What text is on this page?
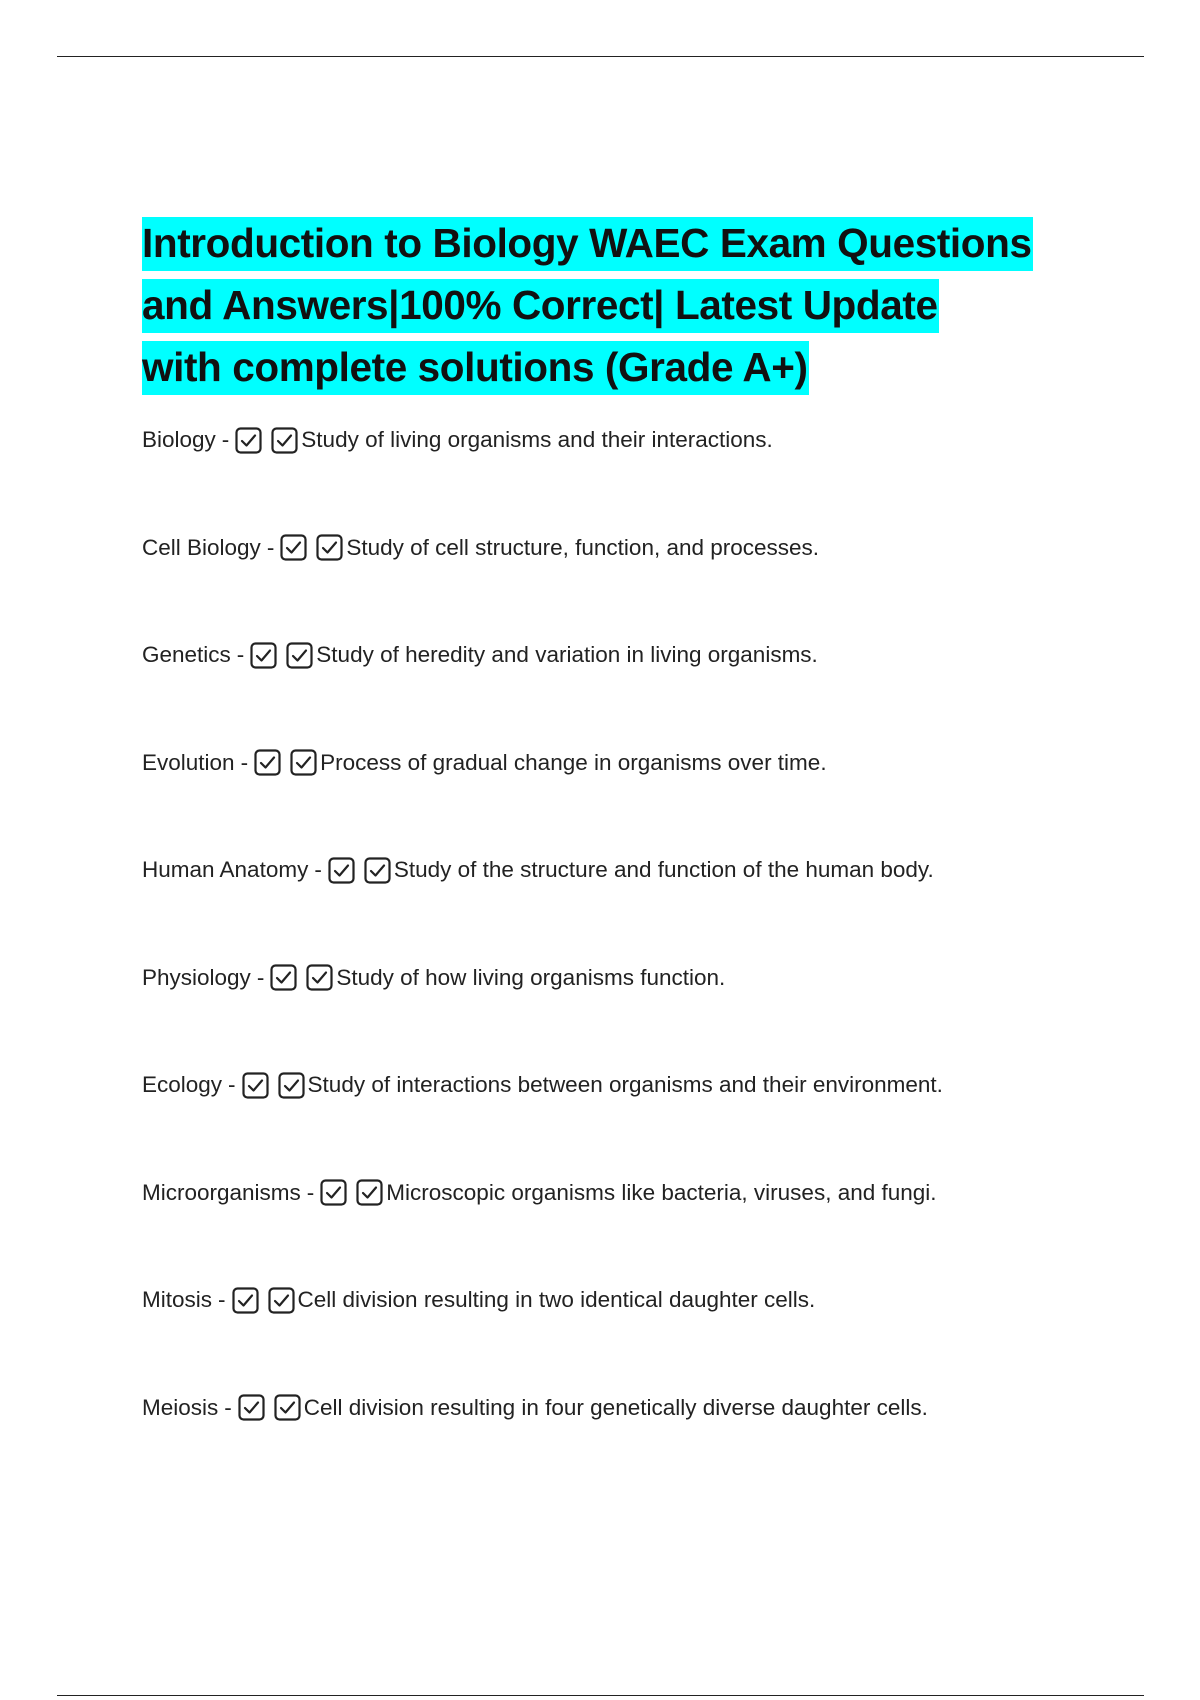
Introduction to Biology WAEC Exam Questions
and Answers|100% Correct| Latest Update
with complete solutions (Grade A+)
Biology -	Study of living organisms and their interactions.
Cell Biology -	Study of cell structure, function, and processes.
Genetics -	Study of heredity and variation in living organisms.
Evolution -	Process of gradual change in organisms over time.
Human Anatomy -	Study of the structure and function of the human body.
Physiology -	Study of how living organisms function.
Ecology -	Study of interactions between organisms and their environment.
Microorganisms -	Microscopic organisms like bacteria, viruses, and fungi.
Mitosis -	Cell division resulting in two identical daughter cells.
Meiosis -	Cell division resulting in four genetically diverse daughter cells.
